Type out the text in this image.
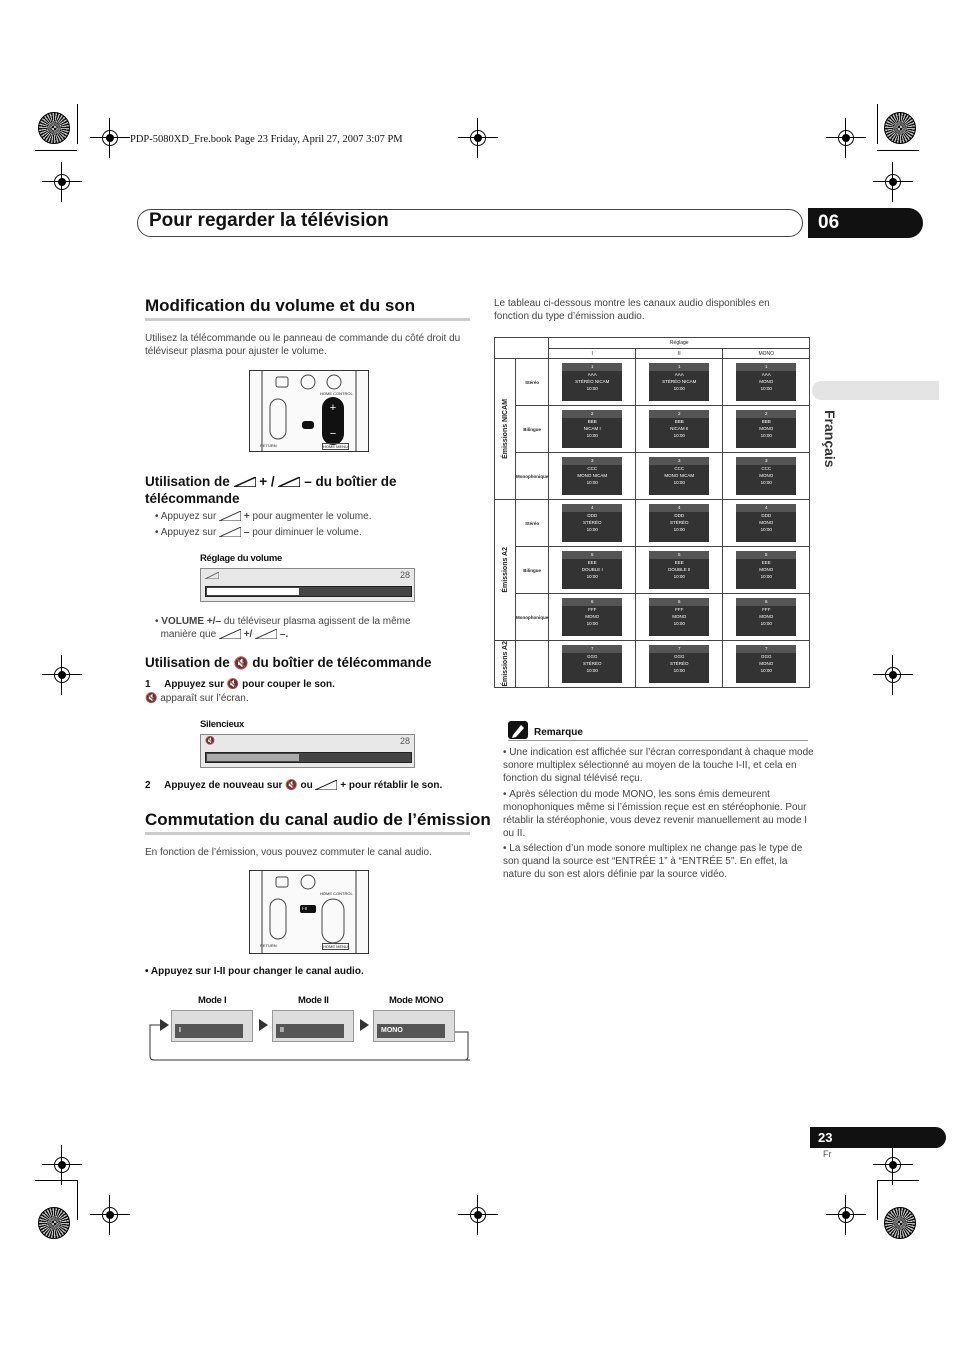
PDP-5080XD_Fre.book Page 23 Friday, April 27, 2007 3:07 PM
Pour regarder la télévision	06
Français
Modification du volume et du son
Utilisez la télécommande ou le panneau de commande du côté droit du téléviseur plasma pour ajuster le volume.
+
−
HOME CONTROL
RETURN	HOME MENU
Utilisation de + / – du boîtier de
télécommande
• Appuyez sur	+ pour augmenter le volume.
• Appuyez sur	– pour diminuer le volume.
Réglage du volume
28
• VOLUME +/– du téléviseur plasma agissent de la même
manière que	+/	–.
Utilisation de 🔇 du boîtier de télécommande
1 Appuyez sur 🔇 pour couper le son.
🔇 apparaît sur l’écran.
Silencieux
🔇	28
2 Appuyez de nouveau sur 🔇 ou	+ pour rétablir le son.
Commutation du canal audio de l’émission
En fonction de l’émission, vous pouvez commuter le canal audio.
I-II
HOME CONTROL
RETURN	HOME MENU
• Appuyez sur I-II pour changer le canal audio.
Mode I	Mode II	Mode MONO
I	II	MONO
Le tableau ci-dessous montre les canaux audio disponibles en fonction du type d’émission audio.
		Réglage		
		I	II	MONO

Émissions NICAM	Stéréo	1
AAA
STÉRÉO NICAM
10:00	1
AAA
STÉRÉO NICAM
10:00	1
AAA
MONO
10:00

	Bilingue	2
BBB
NICAM I
10:00	2
BBB
NICAM II
10:00	2
BBB
MONO
10:00

	Monophonique	3
CCC
MONO NICAM
10:00	3
CCC
MONO NICAM
10:00	3
CCC
MONO
10:00

Émissions A2	Stéréo	4
DDD
STÉRÉO
10:00	4
DDD
STÉRÉO
10:00	4
DDD
MONO
10:00

	Bilingue	5
EEE
DOUBLE I
10:00	5
EEE
DOUBLE II
10:00	5
EEE
MONO
10:00

	Monophonique	6
FFF
MONO
10:00	6
FFF
MONO
10:00	6
FFF
MONO
10:00

Émissions A2		7
GGG
STÉRÉO
10:00	7
GGG
STÉRÉO
10:00	7
GGG
MONO
10:00
Remarque
• Une indication est affichée sur l’écran correspondant à chaque mode sonore multiplex sélectionné au moyen de la touche I-II, et cela en fonction du signal télévisé reçu.
• Après sélection du mode MONO, les sons émis demeurent monophoniques même si l’émission reçue est en stéréophonie. Pour rétablir la stéréophonie, vous devez revenir manuellement au mode I ou II.
• La sélection d’un mode sonore multiplex ne change pas le type de son quand la source est “ENTRÉE 1” à “ENTRÉE 5”. En effet, la nature du son est alors définie par la source vidéo.
23
Fr
